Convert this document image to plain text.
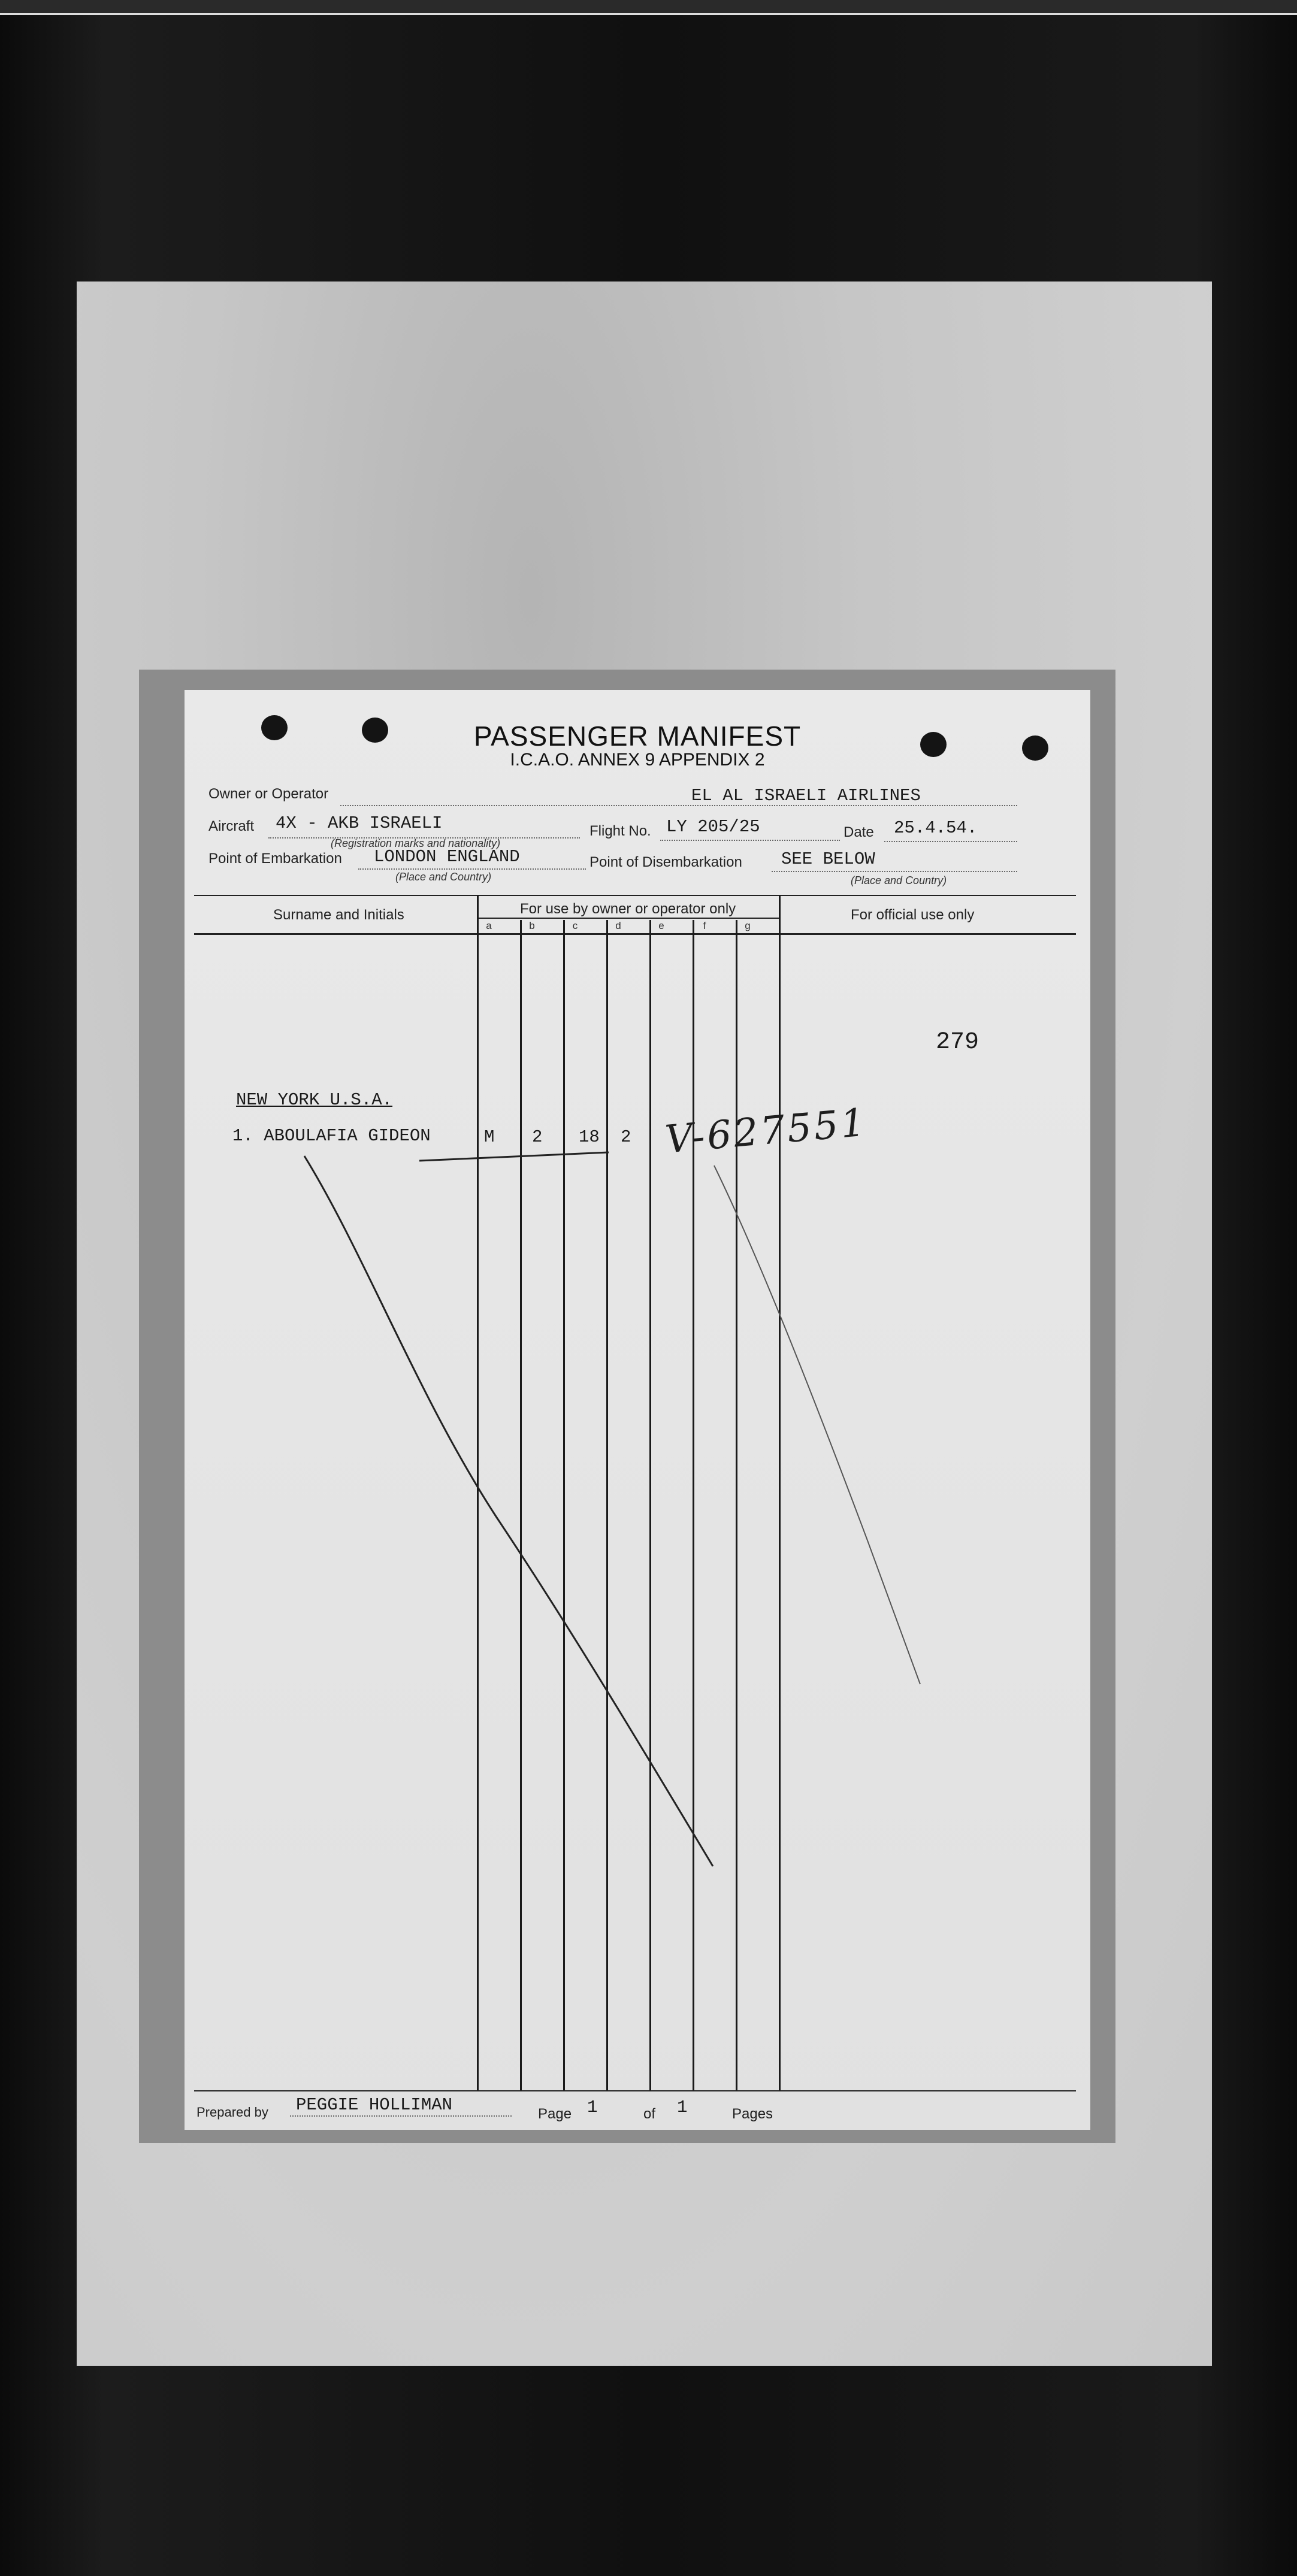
PASSENGER MANIFEST
I.C.A.O. ANNEX 9 APPENDIX 2
Owner or Operator	EL AL ISRAELI AIRLINES
Aircraft 4X - AKB ISRAELI
(Registration marks and nationality)
Flight No. LY 205/25	Date 25.4.54.
Point of Embarkation LONDON ENGLAND
(Place and Country)
Point of Disembarkation SEE BELOW
(Place and Country)
Surname and Initials	For use by owner or operator only	For official use only
a	b	c	d	e	f	g
279
NEW YORK U.S.A.
1. ABOULAFIA GIDEON	M 2 18 2 V-627551
Prepared by PEGGIE HOLLIMAN	Page 1	of 1	Pages
